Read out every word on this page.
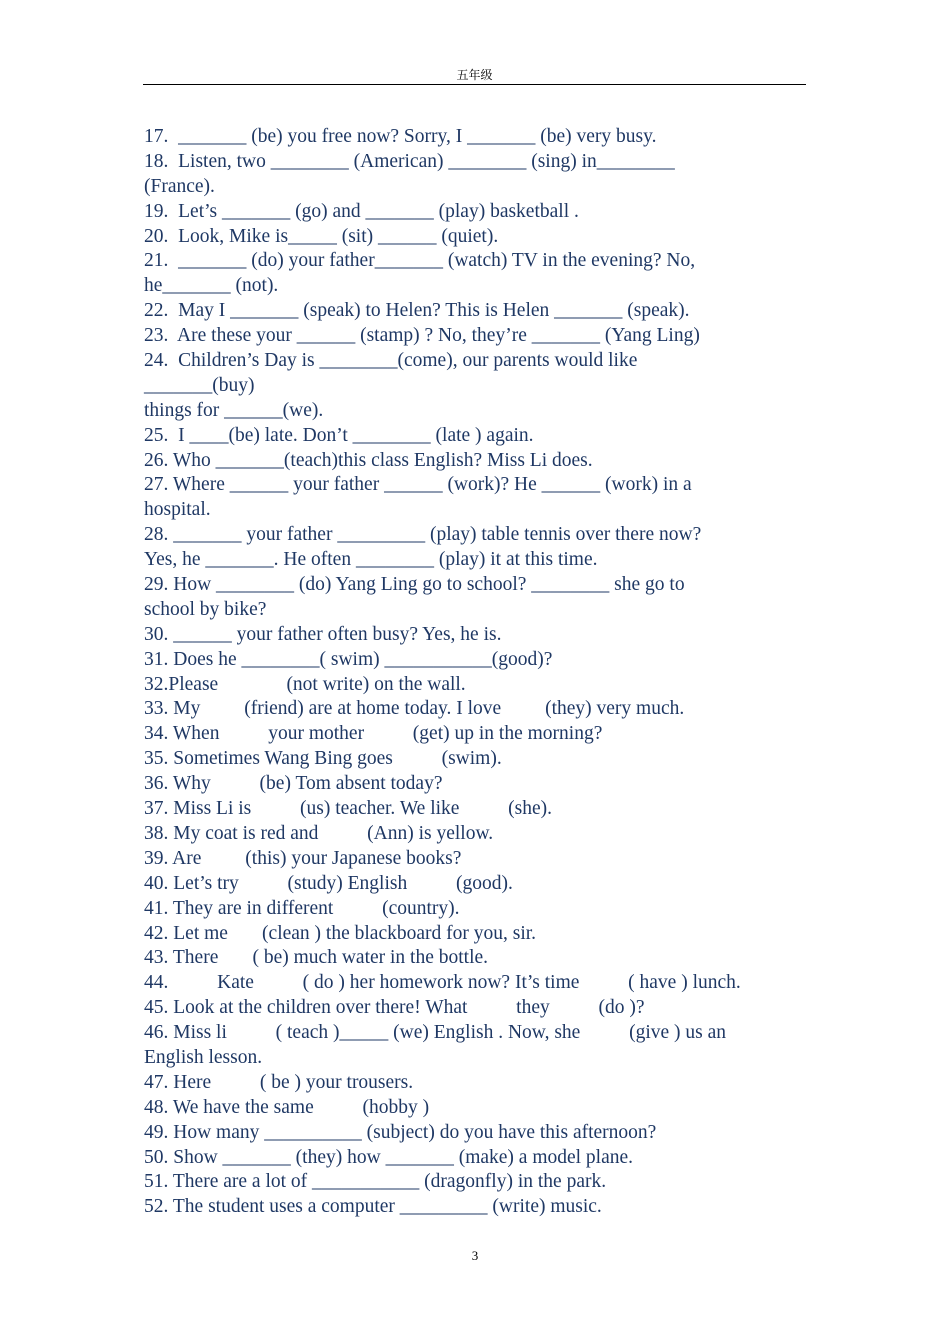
五年级
17.  _______ (be) you free now? Sorry, I _______ (be) very busy.
18.  Listen, two ________ (American) ________ (sing) in________
(France).
19.  Let’s _______ (go) and _______ (play) basketball .
20.  Look, Mike is_____ (sit) ______ (quiet).
21.  _______ (do) your father_______ (watch) TV in the evening? No,
he_______ (not).
22.  May I _______ (speak) to Helen? This is Helen _______ (speak).
23.  Are these your ______ (stamp) ? No, they’re _______ (Yang Ling)
24.  Children’s Day is ________(come), our parents would like
_______(buy)
things for ______(we).
25.  I ____(be) late. Don’t ________ (late ) again.
26. Who _______(teach)this class English? Miss Li does.
27. Where ______ your father ______ (work)? He ______ (work) in a
hospital.
28. _______ your father _________ (play) table tennis over there now?
Yes, he _______. He often ________ (play) it at this time.
29. How ________ (do) Yang Ling go to school? ________ she go to
school by bike?
30. ______ your father often busy? Yes, he is.
31. Does he ________( swim) ___________(good)?
32.Please              (not write) on the wall.
33. My         (friend) are at home today. I love         (they) very much.
34. When          your mother          (get) up in the morning?
35. Sometimes Wang Bing goes          (swim).
36. Why          (be) Tom absent today?
37. Miss Li is          (us) teacher. We like          (she).
38. My coat is red and          (Ann) is yellow.
39. Are         (this) your Japanese books?
40. Let’s try          (study) English          (good).
41. They are in different          (country).
42. Let me       (clean ) the blackboard for you, sir.
43. There       ( be) much water in the bottle.
44.          Kate          ( do ) her homework now? It’s time          ( have ) lunch.
45. Look at the children over there! What          they          (do )?
46. Miss li          ( teach )_____ (we) English . Now, she          (give ) us an
English lesson.
47. Here          ( be ) your trousers.
48. We have the same          (hobby )
49. How many __________ (subject) do you have this afternoon?
50. Show _______ (they) how _______ (make) a model plane.
51. There are a lot of ___________ (dragonfly) in the park.
52. The student uses a computer _________ (write) music.
3
